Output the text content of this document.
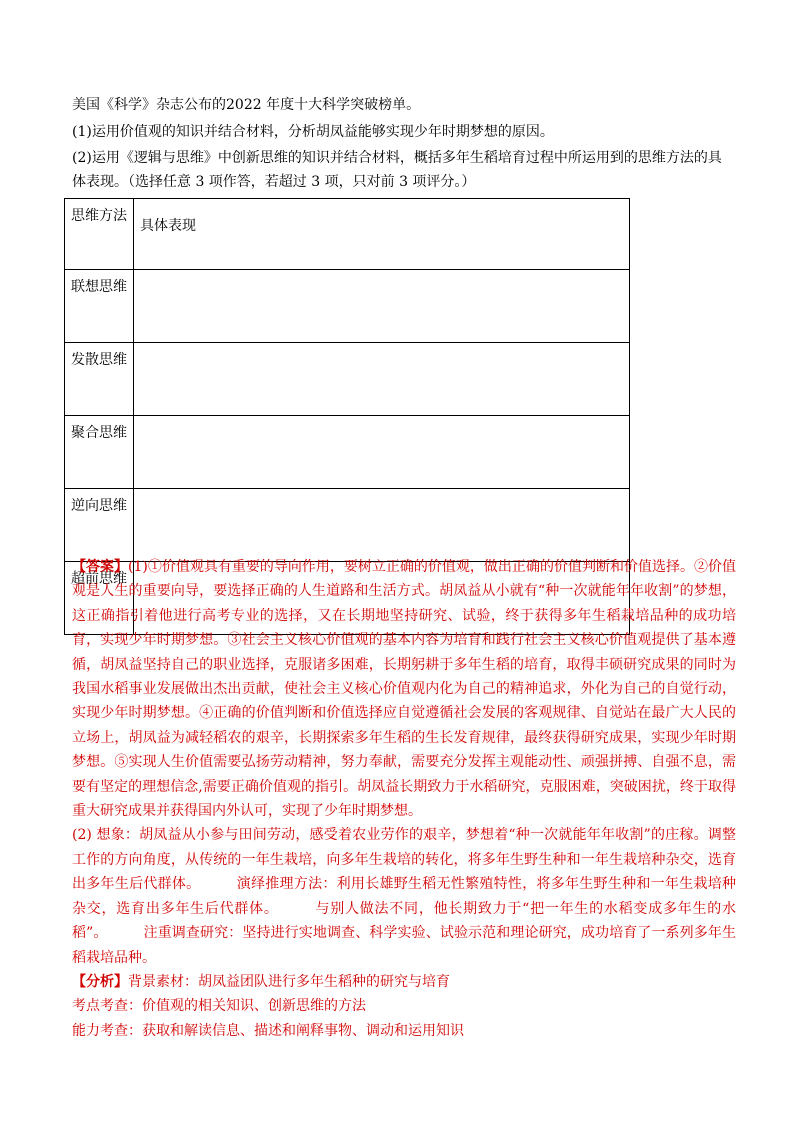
美国《科学》杂志公布的2022 年度十大科学突破榜单。
(1)运用价值观的知识并结合材料，分析胡凤益能够实现少年时期梦想的原因。
(2)运用《逻辑与思维》中创新思维的知识并结合材料，概括多年生稻培育过程中所运用到的思维方法的具
体表现。（选择任意 3 项作答，若超过 3 项，只对前 3 项评分。）
思维方法	具体表现
联想思维	
发散思维	
聚合思维	
逆向思维	
超前思维	

【答案】(1)①价值观具有重要的导向作用，要树立正确的价值观，做出正确的价值判断和价值选择。②价值观是人生的重要向导，要选择正确的人生道路和生活方式。胡凤益从小就有“种一次就能年年收割”的梦想，这正确指引着他进行高考专业的选择，又在长期地坚持研究、试验，终于获得多年生稻栽培品种的成功培育，实现少年时期梦想。③社会主义核心价值观的基本内容为培育和践行社会主义核心价值观提供了基本遵循，胡凤益坚持自己的职业选择，克服诸多困难，长期躬耕于多年生稻的培育，取得丰硕研究成果的同时为我国水稻事业发展做出杰出贡献，使社会主义核心价值观内化为自己的精神追求，外化为自己的自觉行动，实现少年时期梦想。④正确的价值判断和价值选择应自觉遵循社会发展的客观规律、自觉站在最广大人民的立场上，胡凤益为减轻稻农的艰辛，长期探索多年生稻的生长发育规律，最终获得研究成果，实现少年时期梦想。⑤实现人生价值需要弘扬劳动精神，努力奉献，需要充分发挥主观能动性、顽强拼搏、自强不息，需要有坚定的理想信念,需要正确价值观的指引。胡凤益长期致力于水稻研究，克服困难，突破困扰，终于取得重大研究成果并获得国内外认可，实现了少年时期梦想。

(2) 想象：胡凤益从小参与田间劳动，感受着农业劳作的艰辛，梦想着“种一次就能年年收割”的庄稼。调整工作的方向角度，从传统的一年生栽培，向多年生栽培的转化，将多年生野生种和一年生栽培种杂交，选育出多年生后代群体。	演绎推理方法：利用长雄野生稻无性繁殖特性，将多年生野生种和一年生栽培种杂交，选育出多年生后代群体。	与别人做法不同，他长期致力于“把一年生的水稻变成多年生的水稻”。	注重调查研究：坚持进行实地调查、科学实验、试验示范和理论研究，成功培育了一系列多年生稻栽培品种。

【分析】背景素材：胡凤益团队进行多年生稻种的研究与培育

考点考查：价值观的相关知识、创新思维的方法

能力考查：获取和解读信息、描述和阐释事物、调动和运用知识
